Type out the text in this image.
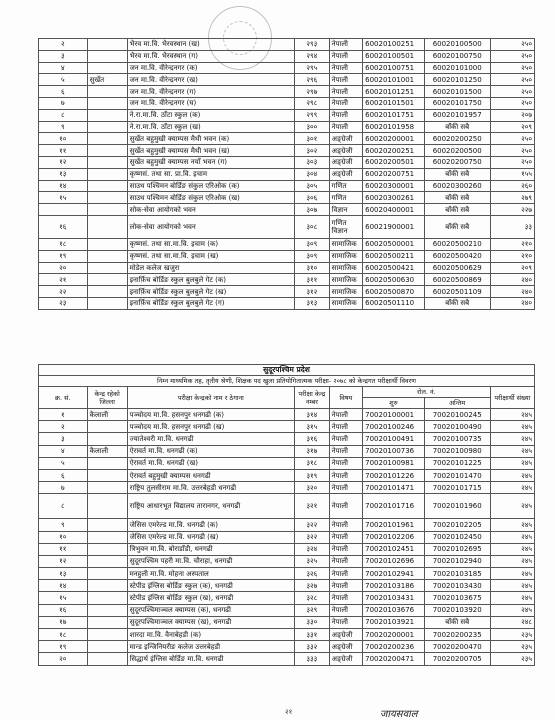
२		भैरव मा.वि. भैरवस्थान (ख)	२९३	नेपाली	60020100251	60020100500	२५०
३		भैरव मा.वि. भैरवस्थान (ग)	२९४	नेपाली	60020100501	60020100750	२५०
४		जन मा.वि. वीरेन्द्रनगर (क)	२९५	नेपाली	60020100751	60020101000	२५०
५	सुर्खेत	जन मा.वि. वीरेन्द्रनगर (ख)	२९६	नेपाली	60020101001	60020101250	२५०
६		जन मा.वि. वीरेन्द्रनगर (ग)	२९७	नेपाली	60020101251	60020101500	२५०
७		जन मा.वि. वीरेन्द्रनगर (घ)	२९८	नेपाली	60020101501	60020101750	२५०
८		ने.रा.मा.वि. ठाँटा स्कुल (क)	२९९	नेपाली	60020101751	60020101957	२०७
९		ने.रा.मा.वि. ठाँटा स्कुल (ख)	३००	नेपाली	60020101958	बाँकी सबै	२०९
१०		सुर्खेत बहुमुखी क्याम्पस मैथी भवन (क)	३०१	अङ्ग्रेजी	60020200001	60020200250	२५०
११		सुर्खेत बहुमुखी क्याम्पस मैथी भवन (ख)	३०२	अङ्ग्रेजी	60020200251	60020200500	२५०
१२		सुर्खेत बहुमुखी क्याम्पस नयाँ भवन (ग)	३०३	अङ्ग्रेजी	60020200501	60020200750	२५०
१३		कृष्णसं. तथा सा. प्रा.वि. इचाम	३०४	अङ्ग्रेजी	60020200751	बाँकी सबै	१५५
१४		साउथ पश्चिमन बोर्डिङ संकुल एरिओक (क)	३०५	गणित	60020300001	60020300260	२६०
१५		साउथ पश्चिमन बोर्डिङ संकुल एरिओक (ख)	३०६	गणित	60020300261	बाँकी सबै	२७९
		सोक-सेवा आयोगको भवन	३०७	विज्ञान	60020400001	बाँकी सबै	२२७
१६		लोक-सेवा आयोगको भवन	३०८	गणित विज्ञान	60021900001	बाँकी सबै	३३
१८		कृष्णसं. तथा सा.मा.वि. इचाम (क)	३०९	सामाजिक	60020500001	60020500210	२१०
१९		कृष्णसं. तथा सा.मा.वि. इचाम (ख)	३०९	सामाजिक	60020500211	60020500420	२१०
२०		मोडेल कलेज खजुरा	३१०	सामाजिक	60020500421	60020500629	२०९
२१		इनार्फ़िच बोर्डिङ स्कुल बुलबुले गेट (क)	३११	सामाजिक	60020500630	60020500869	२४०
२२		इनार्फ़िच बोर्डिङ स्कुल बुलबुले गेट (ख)	३१२	सामाजिक	60020500870	60020501109	२४०
२३		इनार्फ़िच बोर्डिङ स्कुल बुलबुले गेट (ग)	३१३	सामाजिक	60020501110	बाँकी सबै	२४०
सुदूरपश्चिम प्रदेश
निम्न माध्यमिक तह, तृतीय श्रेणी, शिक्षक पद खुला प्रतियोगितात्मक परीक्षा- २०७८ को केन्द्रगत परीक्षार्थी विवरण
क्र. सं.	केन्द्र रहेको जिल्ला	परीक्षा केन्द्रको नाम र ठेगाना	परीक्षा केन्द्र नम्बर	विषय	रोल. नं.		परीक्षार्थी संख्या
					शुरु	अन्तिम	
१	कैलाली	पञ्चोदय मा.वि. हसनपुर धनगढी (क)	३१४	नेपाली	70020100001	70020100245	२४५
२		पञ्चोदय मा.वि. हसनपुर धनगढी (ख)	३१५	नेपाली	70020100246	70020100490	२४५
३		ज्यातेश्वरी मा.वि. धनगढी	३१६	नेपाली	70020100491	70020100735	२४५
४	कैलाली	ऐरावर्त मा.वि. धनगढी (क)	३१७	नेपाली	70020100736	70020100980	२४५
५		ऐरावर्त मा.वि. धनगढी (ख)	३१८	नेपाली	70020100981	70020101225	२४५
६		ऐरावर्त बहुमुखी क्याम्पस धनगढी	३१९	नेपाली	70020101226	70020101470	२४५
७		राष्ट्रिय तुलसीराम मा.वि. उत्तरबेहडी धनगढी	३२०	नेपाली	70020101471	70020101715	२४५
८		राष्ट्रिय आधारभूत विद्यालय तारानगर, धनगढी	३२१	नेपाली	70020101716	70020101960	२४५
९		जेसिस एमरेल्ड मा.वि. धनगढी (क)	३२२	नेपाली	70020101961	70020102205	२४५
१०		जेसिस एमरेल्ड मा.वि. धनगढी (ख)	३२२	नेपाली	70020102206	70020102450	२४५
११		त्रिभुवन मा.वि. बोराडाँडी, धनगढी	३२४	नेपाली	70020102451	70020102695	२४५
१२		सुदूरपश्चिम पहरी मा.वि. चौराहा, धनगढी	३२५	नेपाली	70020102696	70020102940	२४५
१३		मनहुली मा.वि. मोहना अस्पताल	३२६	नेपाली	70020102941	70020103185	२४५
१४		स्टेपीड इंग्लिस बोर्डिङ स्कुल (क), धनगढी	३२७	नेपाली	70020103186	70020103430	२४५
१५		स्टेपीड इंग्लिस बोर्डिङ स्कुल (ख), धनगढी	३२८	नेपाली	70020103431	70020103675	२४५
१६		सुदूरपश्चिमाञ्चल क्याम्पस (क), धनगढी	३२९	नेपाली	70020103676	70020103920	२४५
१७		सुदूरपश्चिमाञ्चल क्याम्पस (ख), धनगढी	३३०	नेपाली	70020103921	बाँकी सबै	२४८
१८		शारदा मा.वि. वैनाबेहडी (क)	३३१	अङ्ग्रेजी	70020200001	70020200235	२३५
१९		मान्ड इन्जिनियरीङ कलेज उत्तरबेहडी	३३२	अङ्ग्रेजी	70020200236	70020200470	२३५
२०		सिद्धार्थ इंग्लिस बोर्डिङ मा.वि. धनगढी	३३३	अङ्ग्रेजी	70020200471	70020200705	२३५
२१	जायसवाल
